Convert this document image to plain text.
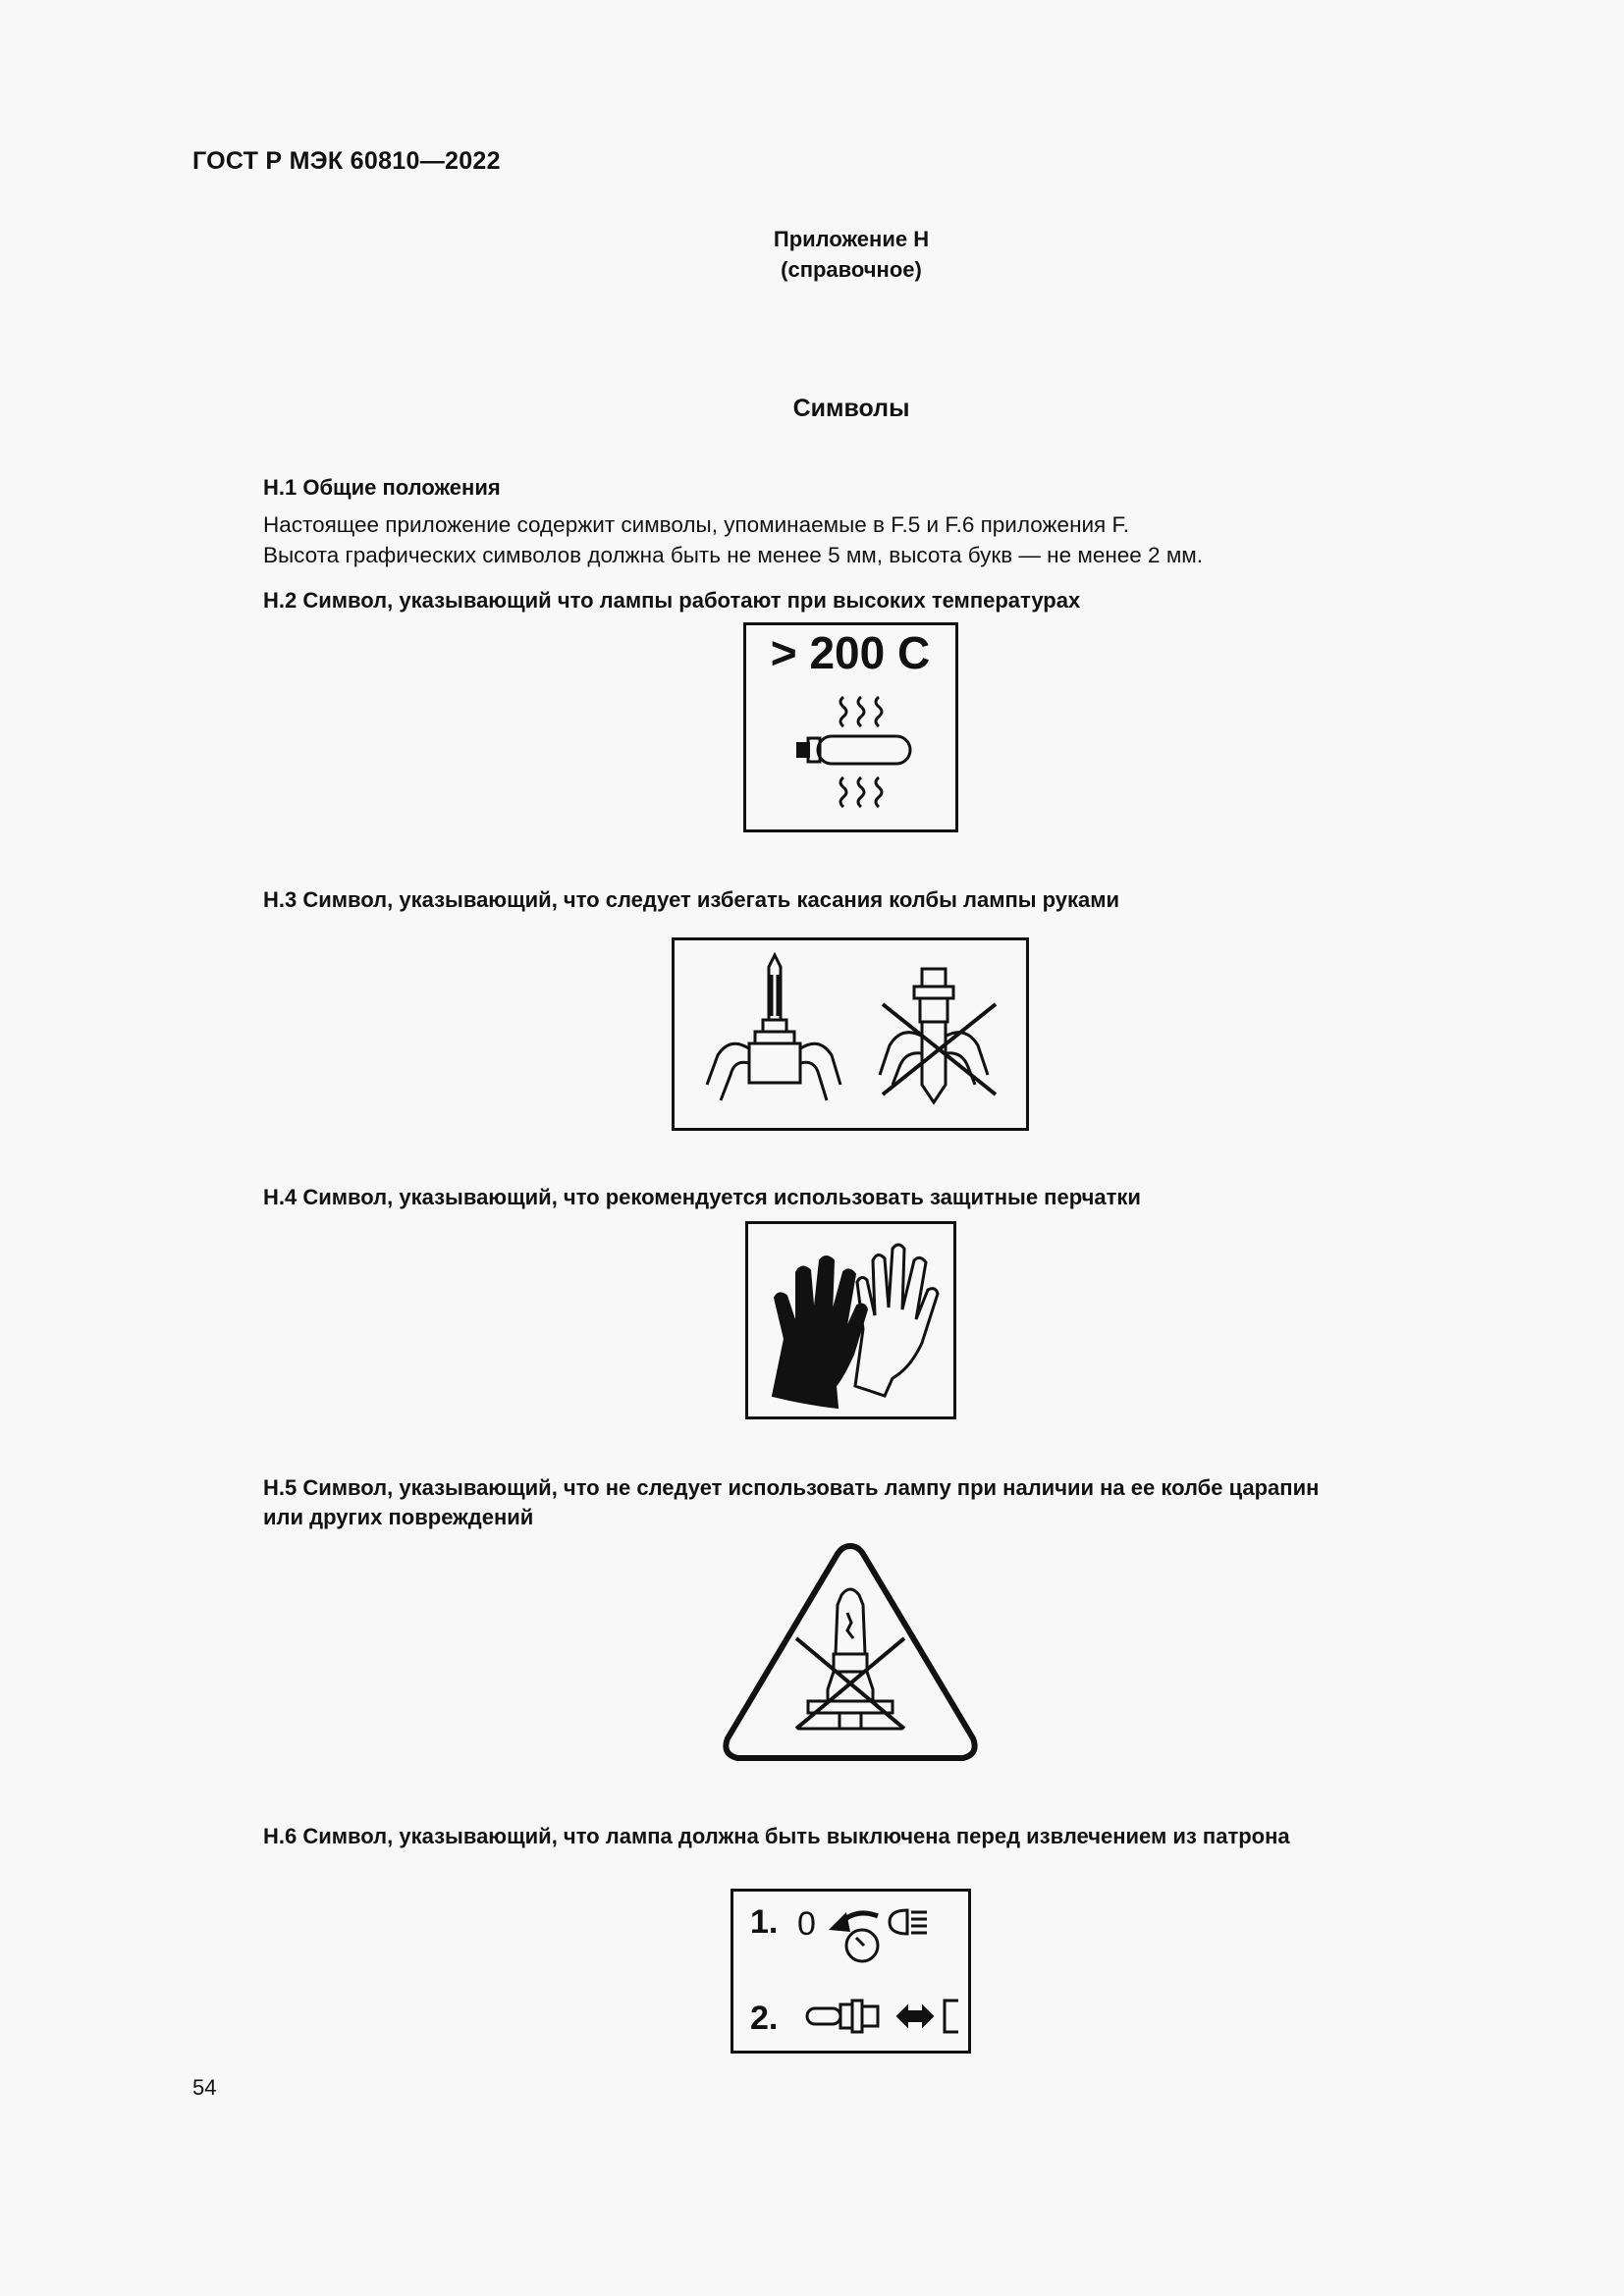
ГОСТ Р МЭК 60810—2022
Приложение Н
(справочное)
Символы
Н.1 Общие положения
Настоящее приложение содержит символы, упоминаемые в F.5 и F.6 приложения F.
Высота графических символов должна быть не менее 5 мм, высота букв — не менее 2 мм.
Н.2 Символ, указывающий что лампы работают при высоких температурах
> 200 C
Н.3 Символ, указывающий, что следует избегать касания колбы лампы руками
Н.4 Символ, указывающий, что рекомендуется использовать защитные перчатки
Н.5 Символ, указывающий, что не следует использовать лампу при наличии на ее колбе царапин
или других повреждений
Н.6 Символ, указывающий, что лампа должна быть выключена перед извлечением из патрона
1. 0
2.
54
